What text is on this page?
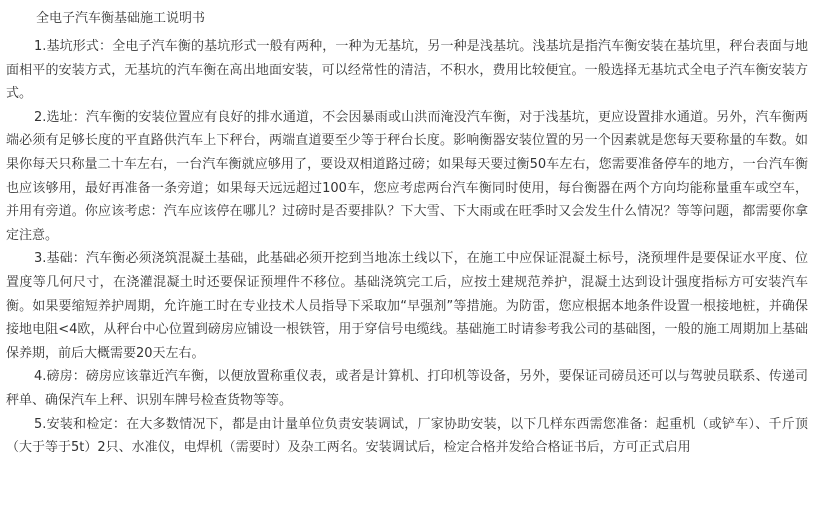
全电子汽车衡基础施工说明书

1.基坑形式：全电子汽车衡的基坑形式一般有两种，一种为无基坑，另一种是浅基坑。浅基坑是指汽车衡安装在基坑里，秤台表面与地面相平的安装方式，无基坑的汽车衡在高出地面安装，可以经常性的清洁，不积水，费用比较便宜。一般选择无基坑式全电子汽车衡安装方式。

2.选址：汽车衡的安装位置应有良好的排水通道，不会因暴雨或山洪而淹没汽车衡，对于浅基坑，更应设置排水通道。另外，汽车衡两端必须有足够长度的平直路供汽车上下秤台，两端直道要至少等于秤台长度。影响衡器安装位置的另一个因素就是您每天要称量的车数。如果你每天只称量二十车左右，一台汽车衡就应够用了，要设双相道路过磅；如果每天要过衡50车左右，您需要准备停车的地方，一台汽车衡也应该够用，最好再准备一条旁道；如果每天远远超过100车，您应考虑两台汽车衡同时使用，每台衡器在两个方向均能称量重车或空车，并用有旁道。你应该考虑：汽车应该停在哪儿？过磅时是否要排队？下大雪、下大雨或在旺季时又会发生什么情况？等等问题，都需要你拿定注意。

3.基础：汽车衡必须浇筑混凝土基础，此基础必须开挖到当地冻土线以下，在施工中应保证混凝土标号，浇预埋件是要保证水平度、位置度等几何尺寸，在浇灌混凝土时还要保证预埋件不移位。基础浇筑完工后，应按土建规范养护，混凝土达到设计强度指标方可安装汽车衡。如果要缩短养护周期，允许施工时在专业技术人员指导下采取加“早强剂”等措施。为防雷，您应根据本地条件设置一根接地桩，并确保接地电阻<4欧，从秤台中心位置到磅房应铺设一根铁管，用于穿信号电缆线。基础施工时请参考我公司的基础图，一般的施工周期加上基础保养期，前后大概需要20天左右。

4.磅房：磅房应该靠近汽车衡，以便放置称重仪表，或者是计算机、打印机等设备，另外，要保证司磅员还可以与驾驶员联系、传递司秤单、确保汽车上秤、识别车牌号检查货物等等。

5.安装和检定：在大多数情况下，都是由计量单位负责安装调试，厂家协助安装，以下几样东西需您准备：起重机（或铲车）、千斤顶（大于等于5t）2只、水准仪，电焊机（需要时）及杂工两名。安装调试后，检定合格并发给合格证书后，方可正式启用
